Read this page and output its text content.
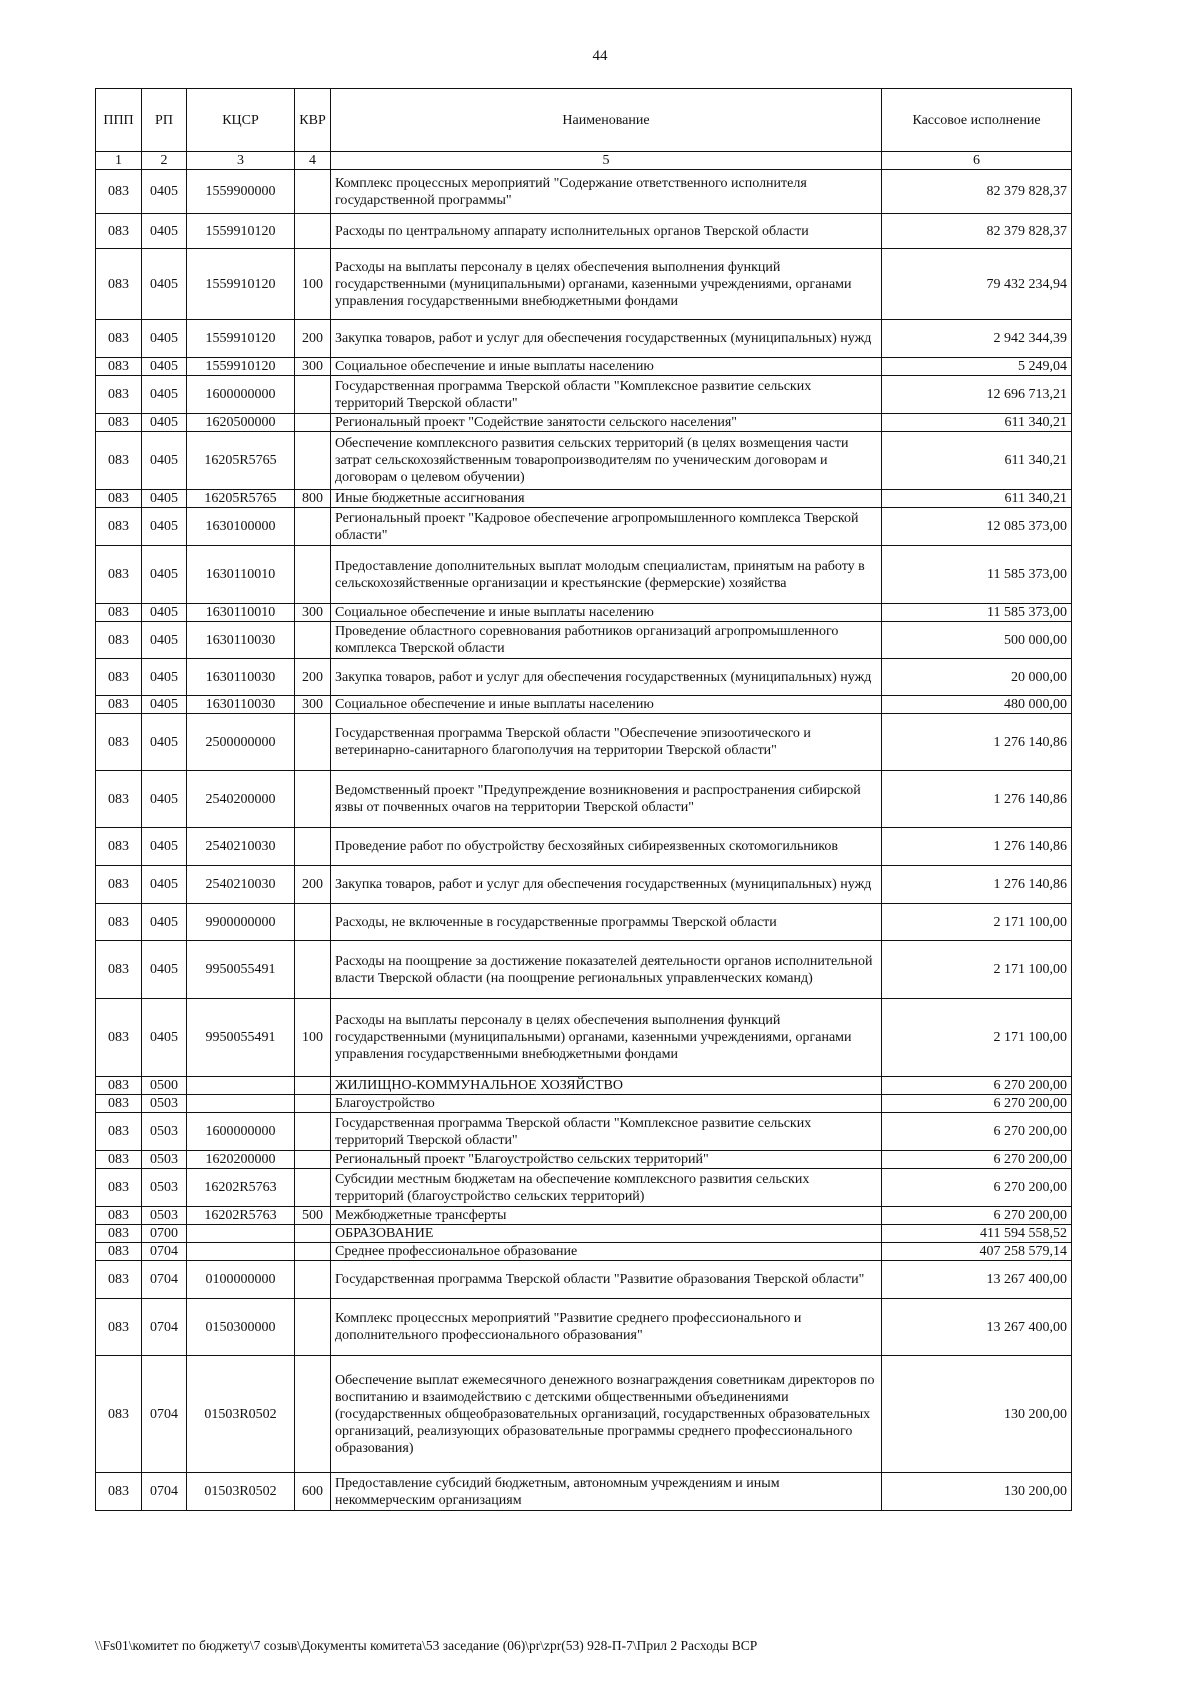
44
ППП	РП	КЦСР	КВР	Наименование	Кассовое исполнение
1	2	3	4	5	6
083	0405	1559900000		Комплекс процессных мероприятий "Содержание ответственного исполнителя государственной программы"	82 379 828,37
083	0405	1559910120		Расходы по центральному аппарату исполнительных органов Тверской области	82 379 828,37
083	0405	1559910120	100	Расходы на выплаты персоналу в целях обеспечения выполнения функций государственными (муниципальными) органами, казенными учреждениями, органами управления государственными внебюджетными фондами	79 432 234,94
083	0405	1559910120	200	Закупка товаров, работ и услуг для обеспечения государственных (муниципальных) нужд	2 942 344,39
083	0405	1559910120	300	Социальное обеспечение и иные выплаты населению	5 249,04
083	0405	1600000000		Государственная программа Тверской области "Комплексное развитие сельских территорий Тверской области"	12 696 713,21
083	0405	1620500000		Региональный проект "Содействие занятости сельского населения"	611 340,21
083	0405	16205R5765		Обеспечение комплексного развития сельских территорий (в целях возмещения части затрат сельскохозяйственным товаропроизводителям по ученическим договорам и договорам о целевом обучении)	611 340,21
083	0405	16205R5765	800	Иные бюджетные ассигнования	611 340,21
083	0405	1630100000		Региональный проект "Кадровое обеспечение агропромышленного комплекса Тверской области"	12 085 373,00
083	0405	1630110010		Предоставление дополнительных выплат молодым специалистам, принятым на работу в сельскохозяйственные организации и крестьянские (фермерские) хозяйства	11 585 373,00
083	0405	1630110010	300	Социальное обеспечение и иные выплаты населению	11 585 373,00
083	0405	1630110030		Проведение областного соревнования работников организаций агропромышленного комплекса Тверской области	500 000,00
083	0405	1630110030	200	Закупка товаров, работ и услуг для обеспечения государственных (муниципальных) нужд	20 000,00
083	0405	1630110030	300	Социальное обеспечение и иные выплаты населению	480 000,00
083	0405	2500000000		Государственная программа Тверской области "Обеспечение эпизоотического и ветеринарно-санитарного благополучия на территории Тверской области"	1 276 140,86
083	0405	2540200000		Ведомственный проект "Предупреждение возникновения и распространения сибирской язвы от почвенных очагов на территории Тверской области"	1 276 140,86
083	0405	2540210030		Проведение работ по обустройству бесхозяйных сибиреязвенных скотомогильников	1 276 140,86
083	0405	2540210030	200	Закупка товаров, работ и услуг для обеспечения государственных (муниципальных) нужд	1 276 140,86
083	0405	9900000000		Расходы, не включенные в государственные программы Тверской области	2 171 100,00
083	0405	9950055491		Расходы на поощрение за достижение показателей деятельности органов исполнительной власти Тверской области (на поощрение региональных управленческих команд)	2 171 100,00
083	0405	9950055491	100	Расходы на выплаты персоналу в целях обеспечения выполнения функций государственными (муниципальными) органами, казенными учреждениями, органами управления государственными внебюджетными фондами	2 171 100,00
083	0500			ЖИЛИЩНО-КОММУНАЛЬНОЕ ХОЗЯЙСТВО	6 270 200,00
083	0503			Благоустройство	6 270 200,00
083	0503	1600000000		Государственная программа Тверской области "Комплексное развитие сельских территорий Тверской области"	6 270 200,00
083	0503	1620200000		Региональный проект "Благоустройство сельских территорий"	6 270 200,00
083	0503	16202R5763		Субсидии местным бюджетам на обеспечение комплексного развития сельских территорий (благоустройство сельских территорий)	6 270 200,00
083	0503	16202R5763	500	Межбюджетные трансферты	6 270 200,00
083	0700			ОБРАЗОВАНИЕ	411 594 558,52
083	0704			Среднее профессиональное образование	407 258 579,14
083	0704	0100000000		Государственная программа Тверской области "Развитие образования Тверской области"	13 267 400,00
083	0704	0150300000		Комплекс процессных мероприятий "Развитие среднего профессионального и дополнительного профессионального образования"	13 267 400,00
083	0704	01503R0502		Обеспечение выплат ежемесячного денежного вознаграждения советникам директоров по воспитанию и взаимодействию с детскими общественными объединениями (государственных общеобразовательных организаций, государственных образовательных организаций, реализующих образовательные программы среднего профессионального образования)	130 200,00
083	0704	01503R0502	600	Предоставление субсидий бюджетным, автономным учреждениям и иным некоммерческим организациям	130 200,00
\\Fs01\комитет по бюджету\7 созыв\Документы комитета\53 заседание (06)\pr\zpr(53) 928-П-7\Прил 2 Расходы ВСР
